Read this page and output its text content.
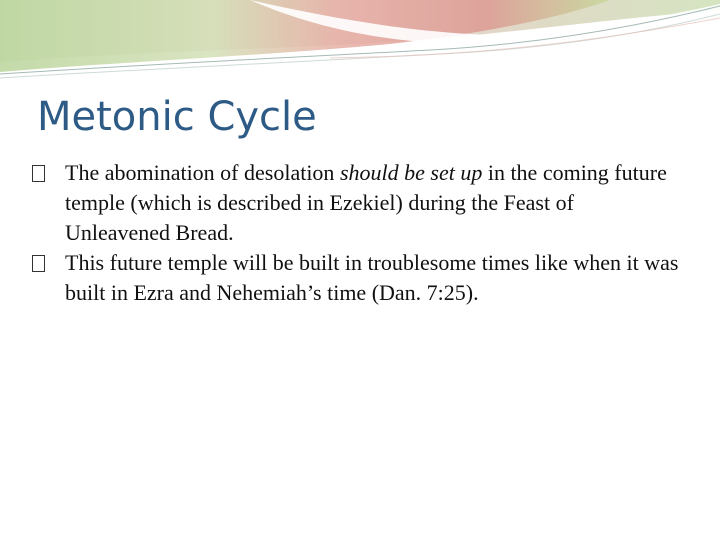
Metonic Cycle
The abomination of desolation should be set up in the coming future temple (which is described in Ezekiel) during the Feast of Unleavened Bread.
This future temple will be built in troublesome times like when it was built in Ezra and Nehemiah’s time (Dan. 7:25).
